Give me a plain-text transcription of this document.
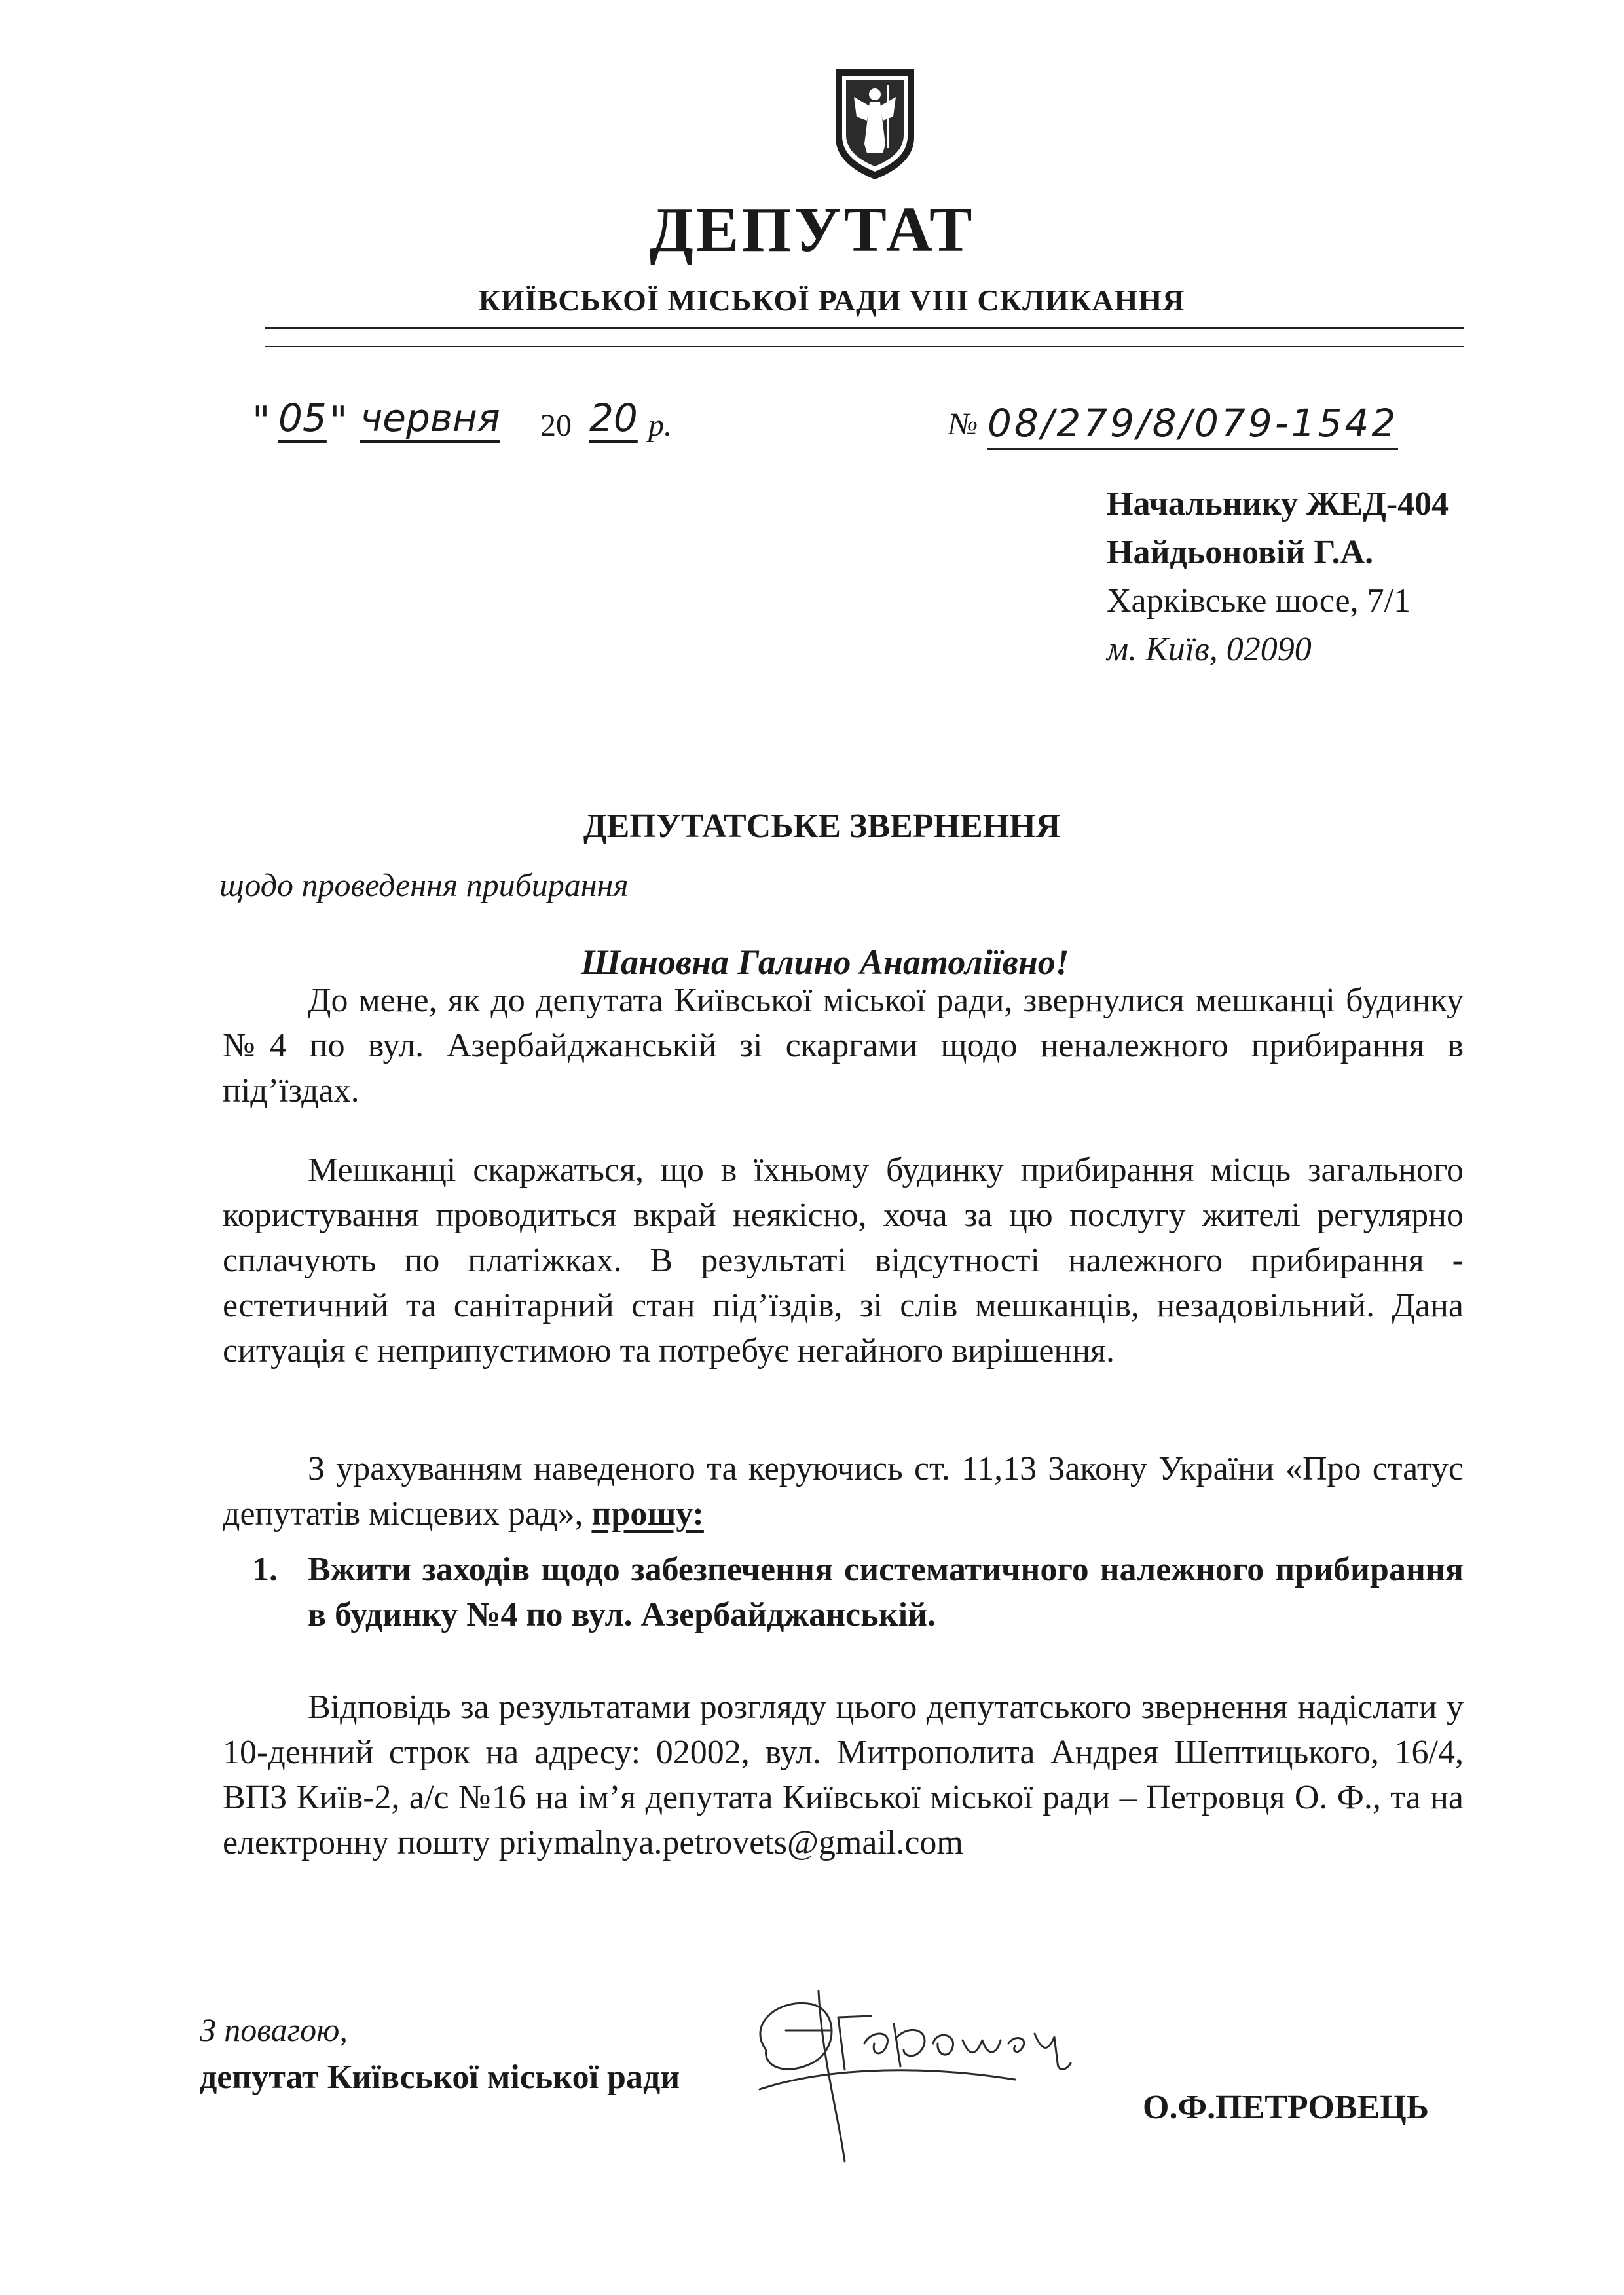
ДЕПУТАТ
КИЇВСЬКОЇ МІСЬКОЇ РАДИ VIII СКЛИКАННЯ
" 05 " червня 20 20 р.	№ 08/279/8/079-1542
Начальнику ЖЕД-404
Найдьоновій Г.А.
Харківське шосе, 7/1
м. Київ, 02090
ДЕПУТАТСЬКЕ ЗВЕРНЕННЯ
щодо проведення прибирання
Шановна Галино Анатоліївно!
До мене, як до депутата Київської міської ради, звернулися мешканці будинку №4 по вул. Азербайджанській зі скаргами щодо неналежного прибирання в під’їздах.
Мешканці скаржаться, що в їхньому будинку прибирання місць загального користування проводиться вкрай неякісно, хоча за цю послугу жителі регулярно сплачують по платіжках. В результаті відсутності належного прибирання - естетичний та санітарний стан під’їздів, зі слів мешканців, незадовільний. Дана ситуація є неприпустимою та потребує негайного вирішення.
З урахуванням наведеного та керуючись ст. 11,13 Закону України «Про статус депутатів місцевих рад», прошу:
1. Вжити заходів щодо забезпечення систематичного належного прибирання в будинку №4 по вул. Азербайджанській.
Відповідь за результатами розгляду цього депутатського звернення надіслати у 10-денний строк на адресу: 02002, вул. Митрополита Андрея Шептицького, 16/4, ВПЗ Київ-2, а/с №16 на ім’я депутата Київської міської ради – Петровця О. Ф., та на електронну пошту priymalnya.petrovets@gmail.com
З повагою,
депутат Київської міської ради
О.Ф.ПЕТРОВЕЦЬ
